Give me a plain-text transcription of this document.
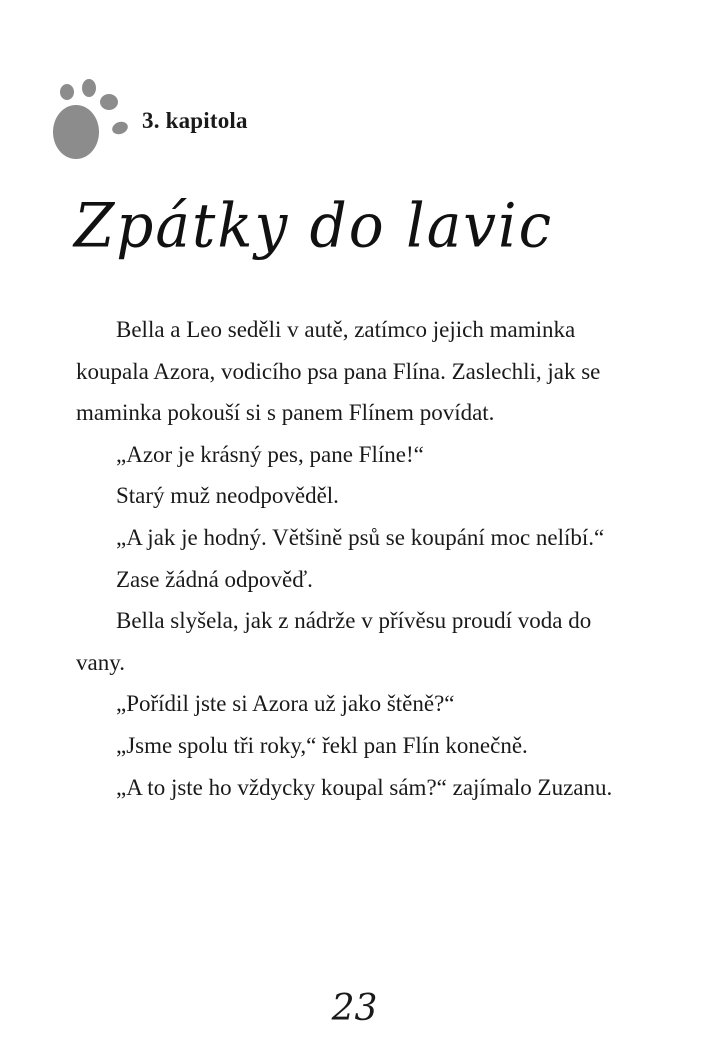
3. kapitola
Zpátky do lavic

Bella a Leo seděli v autě, zatímco jejich maminka koupala Azora, vodicího psa pana Flína. Zaslechli, jak se maminka pokouší si s panem Flínem povídat.

„Azor je krásný pes, pane Flíne!“

Starý muž neodpověděl.

„A jak je hodný. Většině psů se koupání moc nelíbí.“

Zase žádná odpověď.

Bella slyšela, jak z nádrže v přívěsu proudí voda do vany.

„Pořídil jste si Azora už jako štěně?“

„Jsme spolu tři roky,“ řekl pan Flín konečně.

„A to jste ho vždycky koupal sám?“ zajímalo Zuzanu.

23
